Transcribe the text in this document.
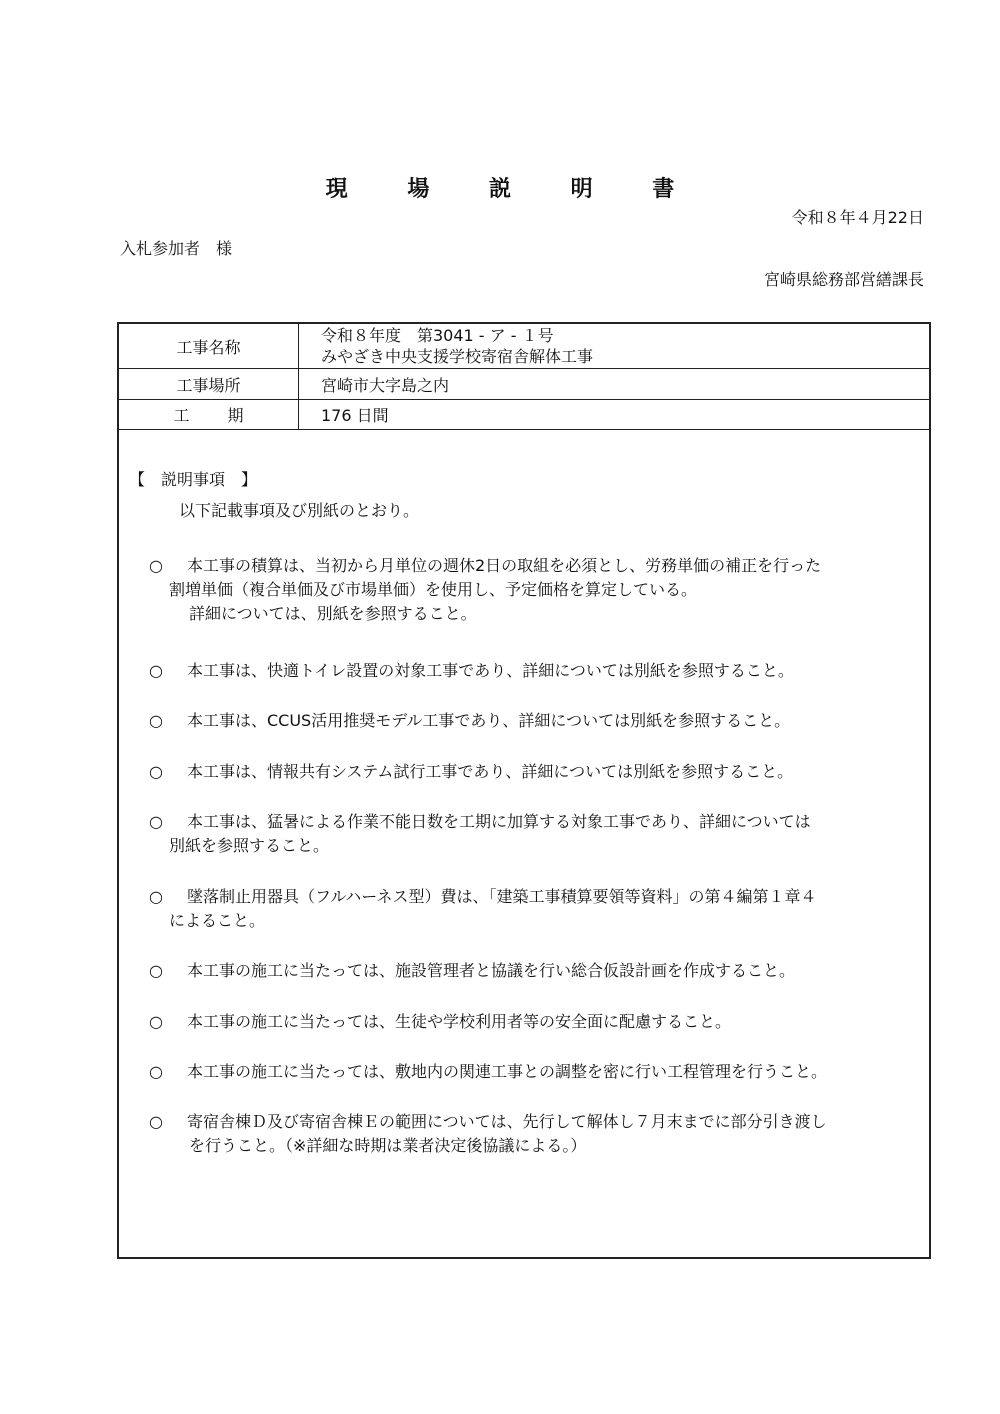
現 場 説 明 書
令和８年４月22日
入札参加者　様
宮崎県総務部営繕課長
工事名称	令和８年度　第3041 - ア - １号
みやざき中央支援学校寄宿舎解体工事

工事場所	宮崎市大字島之内
工期	176 日間
【　説明事項　】
以下記載事項及び別紙のとおり。
○	本工事の積算は、当初から月単位の週休2日の取組を必須とし、労務単価の補正を行った
割増単価（複合単価及び市場単価）を使用し、予定価格を算定している。
詳細については、別紙を参照すること。
○	本工事は、快適トイレ設置の対象工事であり、詳細については別紙を参照すること。
○	本工事は、CCUS活用推奨モデル工事であり、詳細については別紙を参照すること。
○	本工事は、情報共有システム試行工事であり、詳細については別紙を参照すること。
○	本工事は、猛暑による作業不能日数を工期に加算する対象工事であり、詳細については
別紙を参照すること。
○	墜落制止用器具（フルハーネス型）費は、「建築工事積算要領等資料」の第４編第１章４
によること。
○	本工事の施工に当たっては、施設管理者と協議を行い総合仮設計画を作成すること。
○	本工事の施工に当たっては、生徒や学校利用者等の安全面に配慮すること。
○	本工事の施工に当たっては、敷地内の関連工事との調整を密に行い工程管理を行うこと。
○	寄宿舎棟Ｄ及び寄宿舎棟Ｅの範囲については、先行して解体し７月末までに部分引き渡し
を行うこと。（※詳細な時期は業者決定後協議による。）
